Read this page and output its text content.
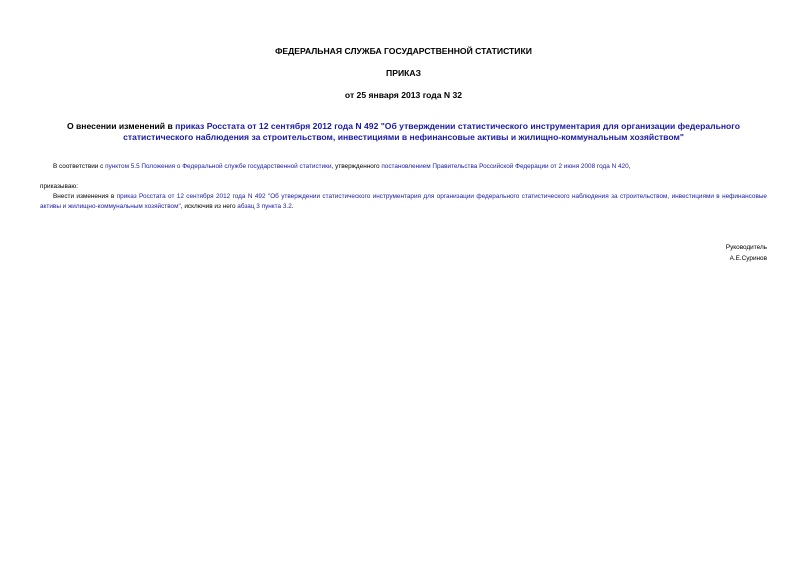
ФЕДЕРАЛЬНАЯ СЛУЖБА ГОСУДАРСТВЕННОЙ СТАТИСТИКИ
ПРИКАЗ
от 25 января 2013 года N 32
О внесении изменений в приказ Росстата от 12 сентября 2012 года N 492 "Об утверждении статистического инструментария для организации федерального статистического наблюдения за строительством, инвестициями в нефинансовые активы и жилищно-коммунальным хозяйством"
В соответствии с пунктом 5.5 Положения о Федеральной службе государственной статистики, утвержденного постановлением Правительства Российской Федерации от 2 июня 2008 года N 420,
приказываю:
Внести изменения в приказ Росстата от 12 сентября 2012 года N 492 "Об утверждении статистического инструментария для организации федерального статистического наблюдения за строительством, инвестициями в нефинансовые активы и жилищно-коммунальным хозяйством", исключив из него абзац 3 пункта 3.2.
Руководитель
А.Е.Суринов
